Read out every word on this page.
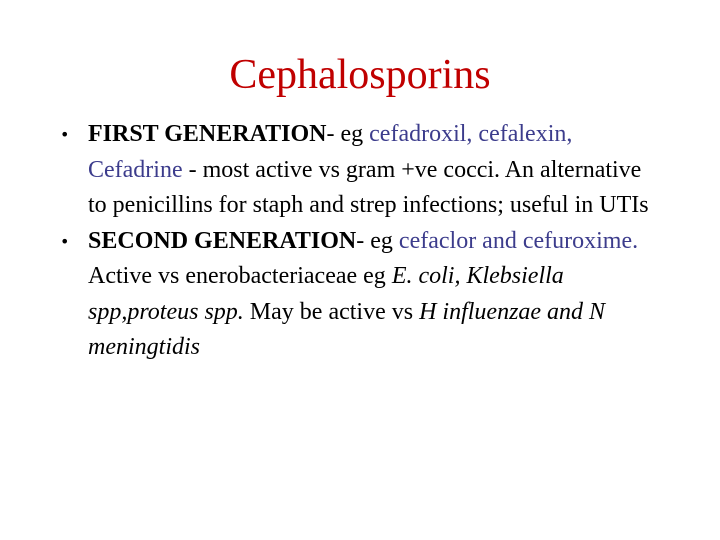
Cephalosporins
• FIRST GENERATION- eg cefadroxil, cefalexin, Cefadrine - most active vs gram +ve cocci. An alternative to penicillins for staph and strep infections; useful in UTIs
• SECOND GENERATION- eg cefaclor and cefuroxime. Active vs enerobacteriaceae eg E. coli, Klebsiella spp,proteus spp. May be active vs H influenzae and N meningtidis
